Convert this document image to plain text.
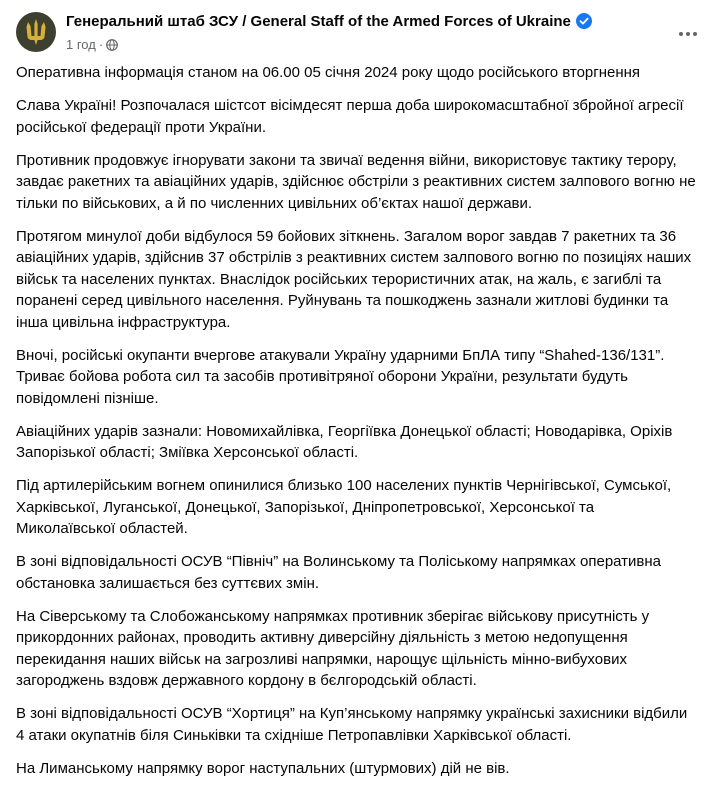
Генеральний штаб ЗСУ / General Staff of the Armed Forces of Ukraine
1 год ·

Оперативна інформація станом на 06.00 05 січня 2024 року щодо російського вторгнення

Слава Україні! Розпочалася шістсот вісімдесят перша доба широкомасштабної збройної агресії російської федерації проти України.

Противник продовжує ігнорувати закони та звичаї ведення війни, використовує тактику терору, завдає ракетних та авіаційних ударів, здійснює обстріли з реактивних систем залпового вогню не тільки по військових, а й по численних цивільних об’єктах нашої держави.

Протягом минулої доби відбулося 59 бойових зіткнень. Загалом ворог завдав 7 ракетних та 36 авіаційних ударів, здійснив 37 обстрілів з реактивних систем залпового вогню по позиціях наших військ та населених пунктах. Внаслідок російських терористичних атак, на жаль, є загиблі та поранені серед цивільного населення. Руйнувань та пошкоджень зазнали житлові будинки та інша цивільна інфраструктура.

Вночі, російські окупанти вчергове атакували Україну ударними БпЛА типу “Shahed-136/131”. Триває бойова робота сил та засобів противітряної оборони України, результати будуть повідомлені пізніше.

Авіаційних ударів зазнали: Новомихайлівка, Георгіївка Донецької області; Новодарівка, Оріхів Запорізької області; Зміївка Херсонської області.

Під артилерійським вогнем опинилися близько 100 населених пунктів Чернігівської, Сумської, Харківської, Луганської, Донецької, Запорізької, Дніпропетровської, Херсонської та Миколаївської областей.

В зоні відповідальності ОСУВ “Північ” на Волинському та Поліському напрямках оперативна обстановка залишається без суттєвих змін.

На Сіверському та Слобожанському напрямках противник зберігає військову присутність у прикордонних районах, проводить активну диверсійну діяльність з метою недопущення перекидання наших військ на загрозливі напрямки, нарощує щільність мінно-вибухових загороджень вздовж державного кордону в бєлгородській області.

В зоні відповідальності ОСУВ “Хортиця” на Куп’янському напрямку українські захисники відбили 4 атаки окупатнів біля Синьківки та східніше Петропавлівки Харківської області.

На Лиманському напрямку ворог наступальних (штурмових) дій не вів.
